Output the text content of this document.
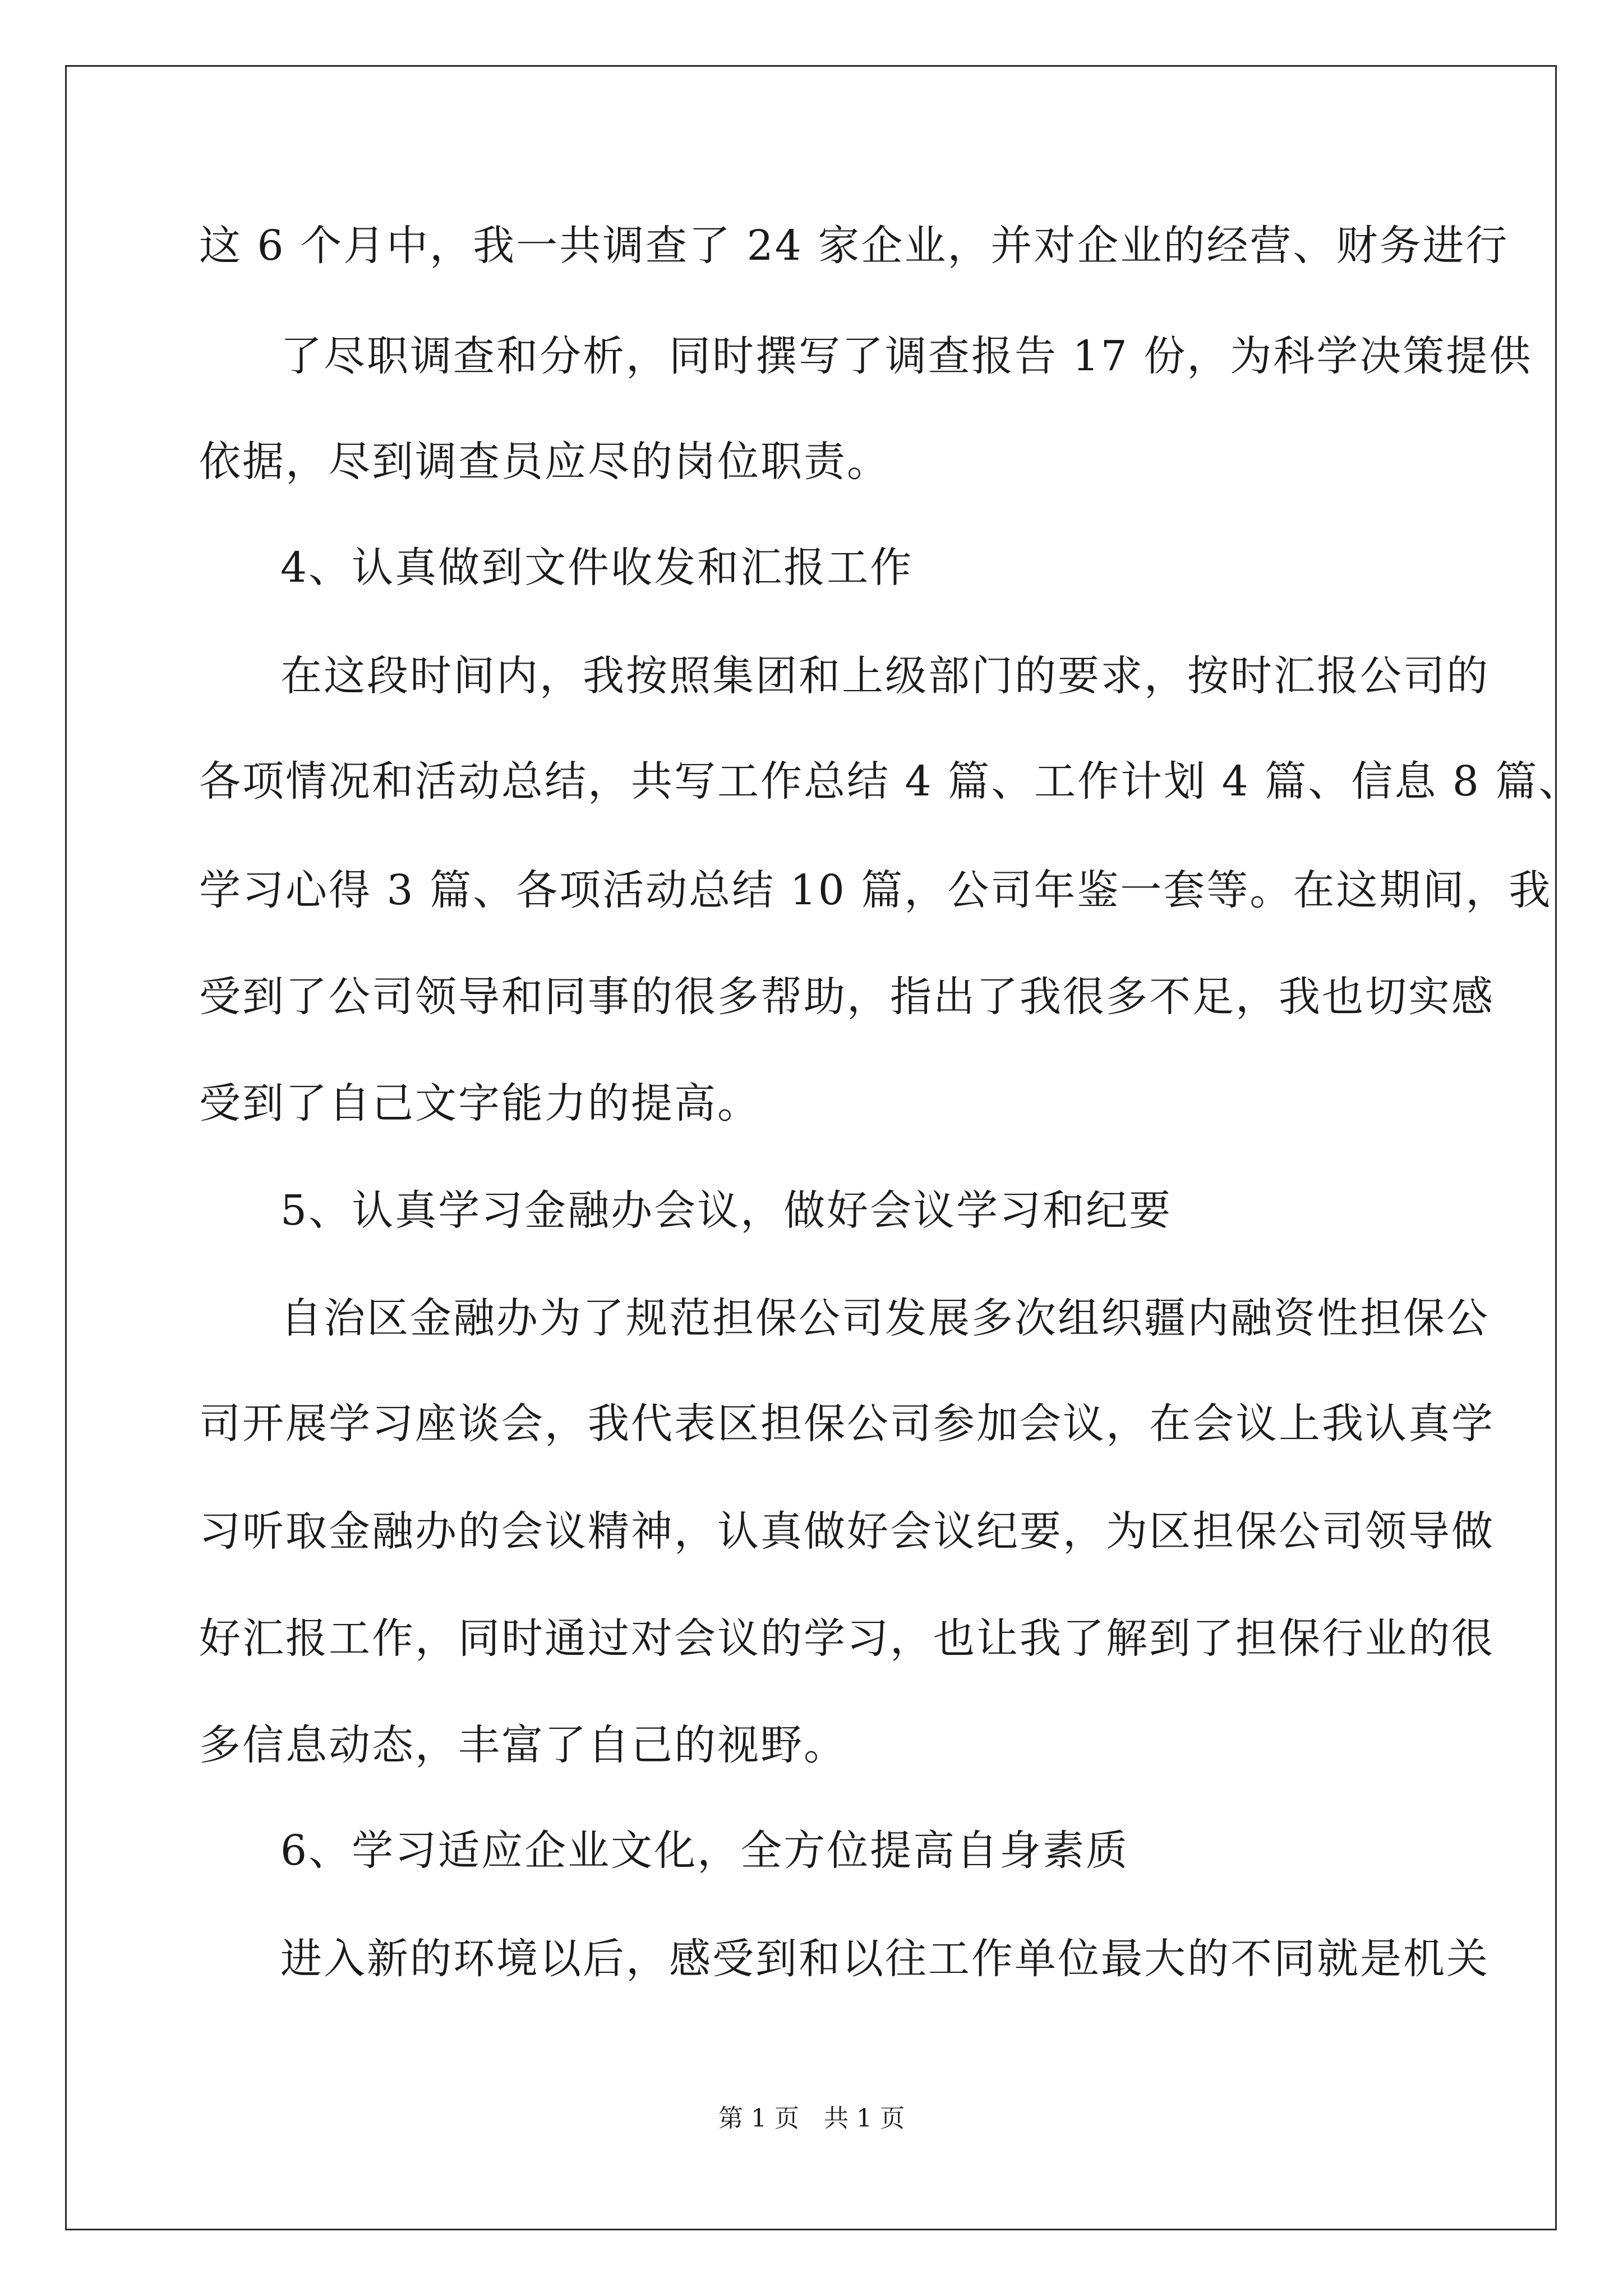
这 6 个月中，我一共调查了 24 家企业，并对企业的经营、财务进行
了尽职调查和分析，同时撰写了调查报告 17 份，为科学决策提供
依据，尽到调查员应尽的岗位职责。
4、认真做到文件收发和汇报工作
在这段时间内，我按照集团和上级部门的要求，按时汇报公司的
各项情况和活动总结，共写工作总结 4 篇、工作计划 4 篇、信息 8 篇、
学习心得 3 篇、各项活动总结 10 篇，公司年鉴一套等。在这期间，我
受到了公司领导和同事的很多帮助，指出了我很多不足，我也切实感
受到了自己文字能力的提高。
5、认真学习金融办会议，做好会议学习和纪要
自治区金融办为了规范担保公司发展多次组织疆内融资性担保公
司开展学习座谈会，我代表区担保公司参加会议，在会议上我认真学
习听取金融办的会议精神，认真做好会议纪要，为区担保公司领导做
好汇报工作，同时通过对会议的学习，也让我了解到了担保行业的很
多信息动态，丰富了自己的视野。
6、学习适应企业文化，全方位提高自身素质
进入新的环境以后，感受到和以往工作单位最大的不同就是机关
第 1 页　共 1 页
